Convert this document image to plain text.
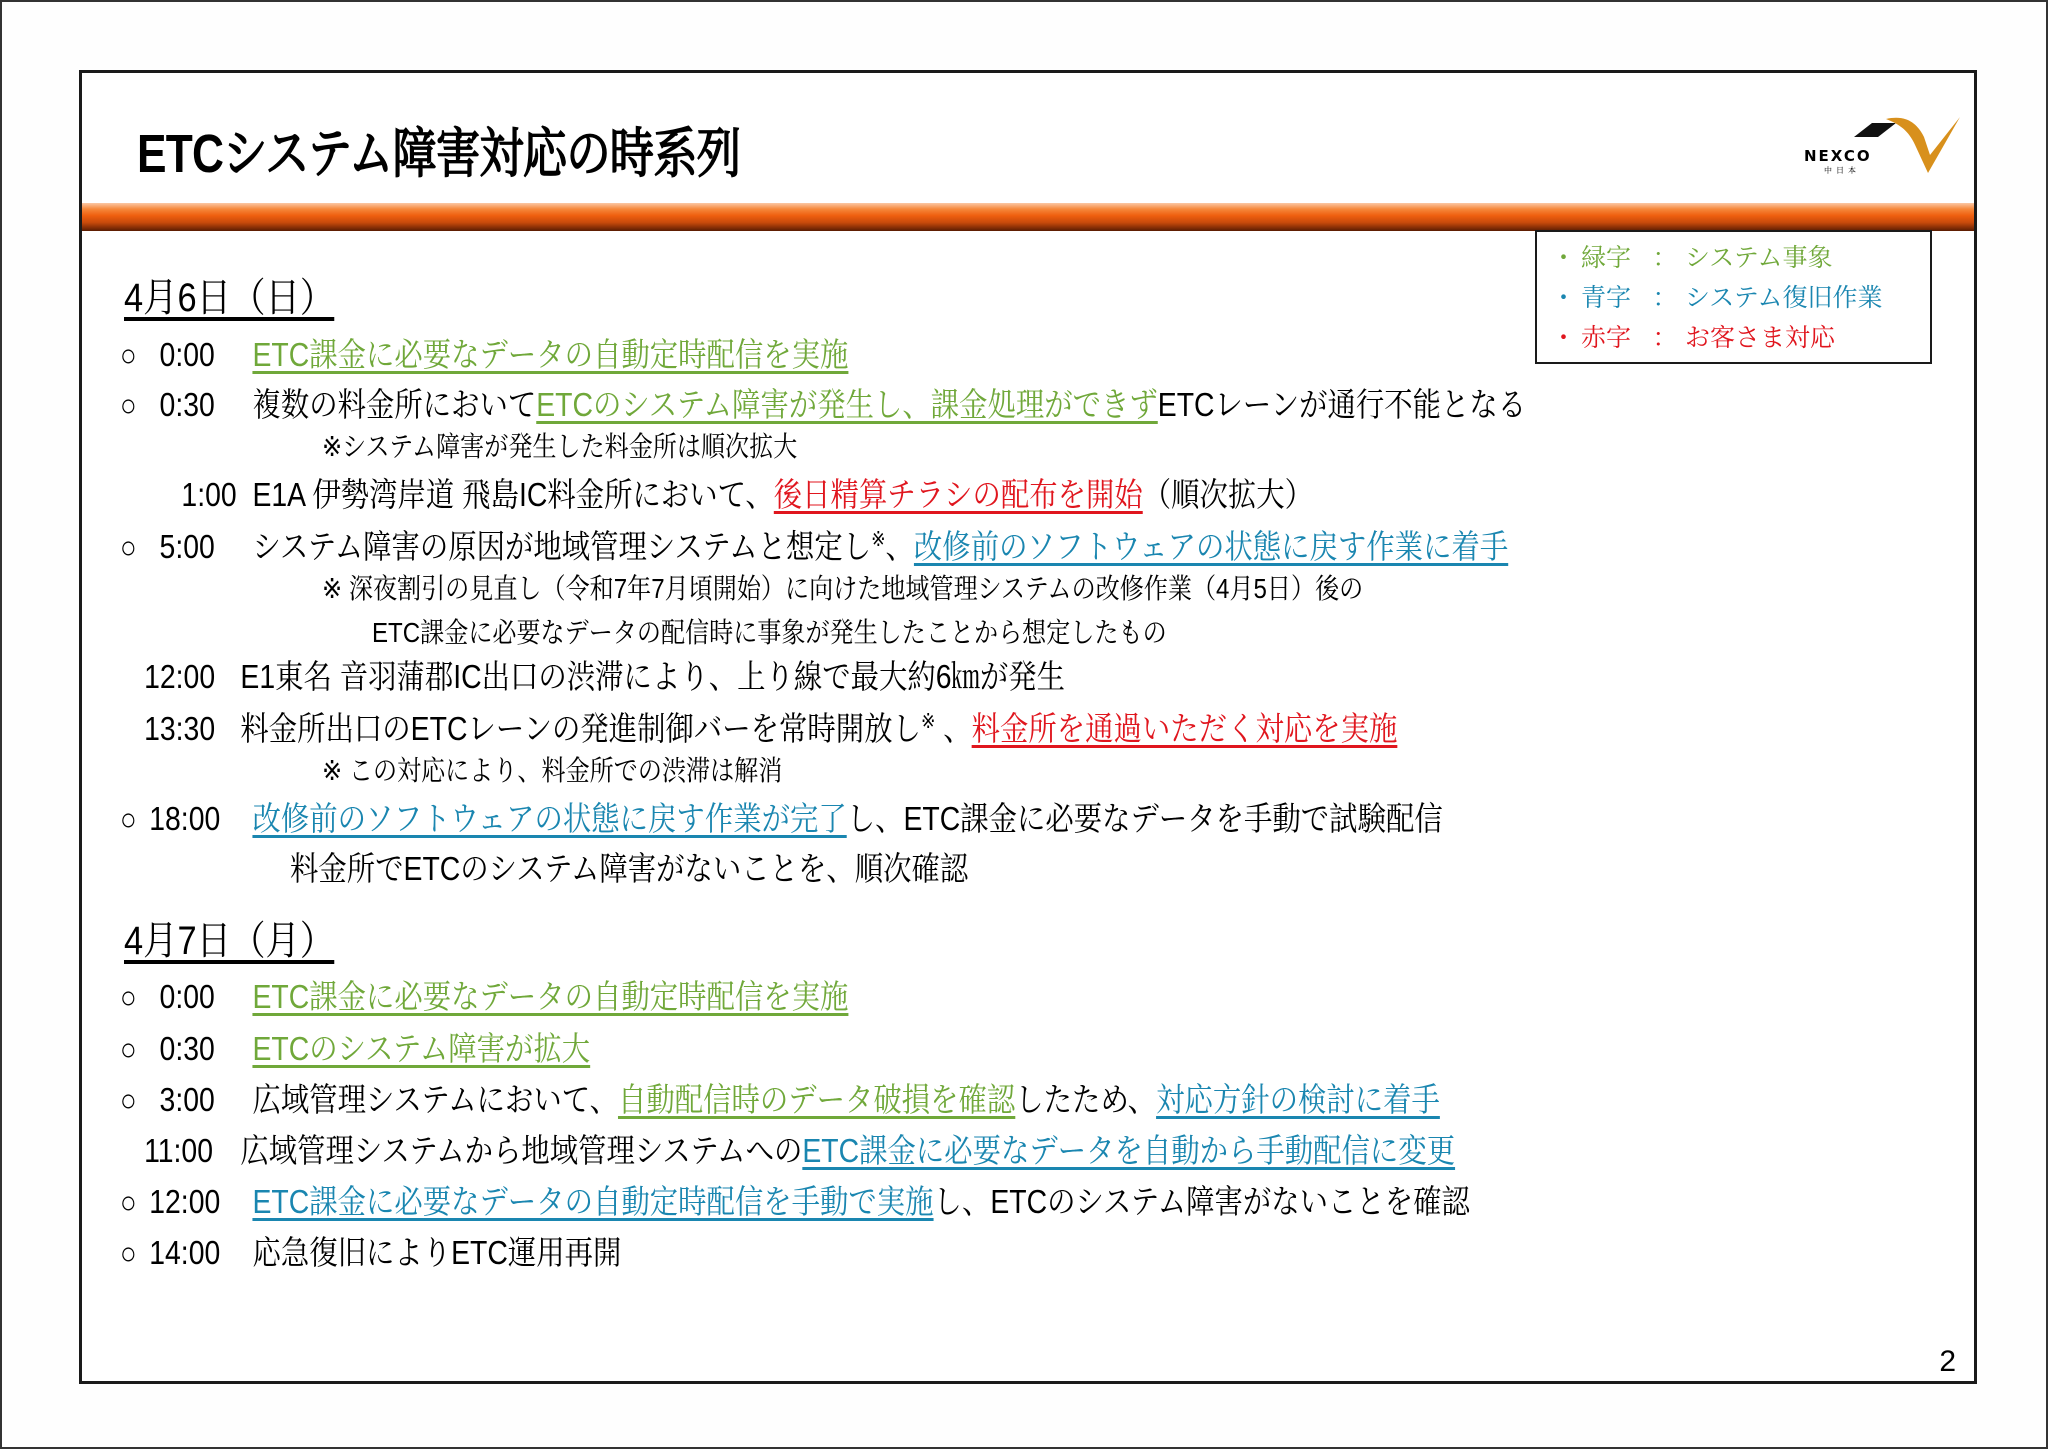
ETCシステム障害対応の時系列	NEXCO
中日本
・ 緑字 ： システム事象
・ 青字 ： システム復旧作業
・ 赤字 ： お客さま対応
4月6日（日）
○ 0:00 ETC課金に必要なデータの自動定時配信を実施
○ 0:30 複数の料金所においてETCのシステム障害が発生し、課金処理ができずETCレーンが通行不能となる
※システム障害が発生した料金所は順次拡大
1:00 E1A 伊勢湾岸道 飛島IC料金所において、後日精算チラシの配布を開始（順次拡大）
○ 5:00 システム障害の原因が地域管理システムと想定し※、改修前のソフトウェアの状態に戻す作業に着手
※ 深夜割引の見直し（令和7年7月頃開始）に向けた地域管理システムの改修作業（4月5日）後の
ETC課金に必要なデータの配信時に事象が発生したことから想定したもの
12:00 E1東名 音羽蒲郡IC出口の渋滞により、上り線で最大約6㎞が発生
13:30 料金所出口のETCレーンの発進制御バーを常時開放し※ 、料金所を通過いただく対応を実施
※ この対応により、料金所での渋滞は解消
○ 18:00 改修前のソフトウェアの状態に戻す作業が完了し、ETC課金に必要なデータを手動で試験配信
料金所でETCのシステム障害がないことを、順次確認
4月7日（月）
○ 0:00 ETC課金に必要なデータの自動定時配信を実施
○ 0:30 ETCのシステム障害が拡大
○ 3:00 広域管理システムにおいて、自動配信時のデータ破損を確認したため、対応方針の検討に着手
11:00 広域管理システムから地域管理システムへのETC課金に必要なデータを自動から手動配信に変更
○ 12:00 ETC課金に必要なデータの自動定時配信を手動で実施し、ETCのシステム障害がないことを確認
○ 14:00 応急復旧によりETC運用再開
2
